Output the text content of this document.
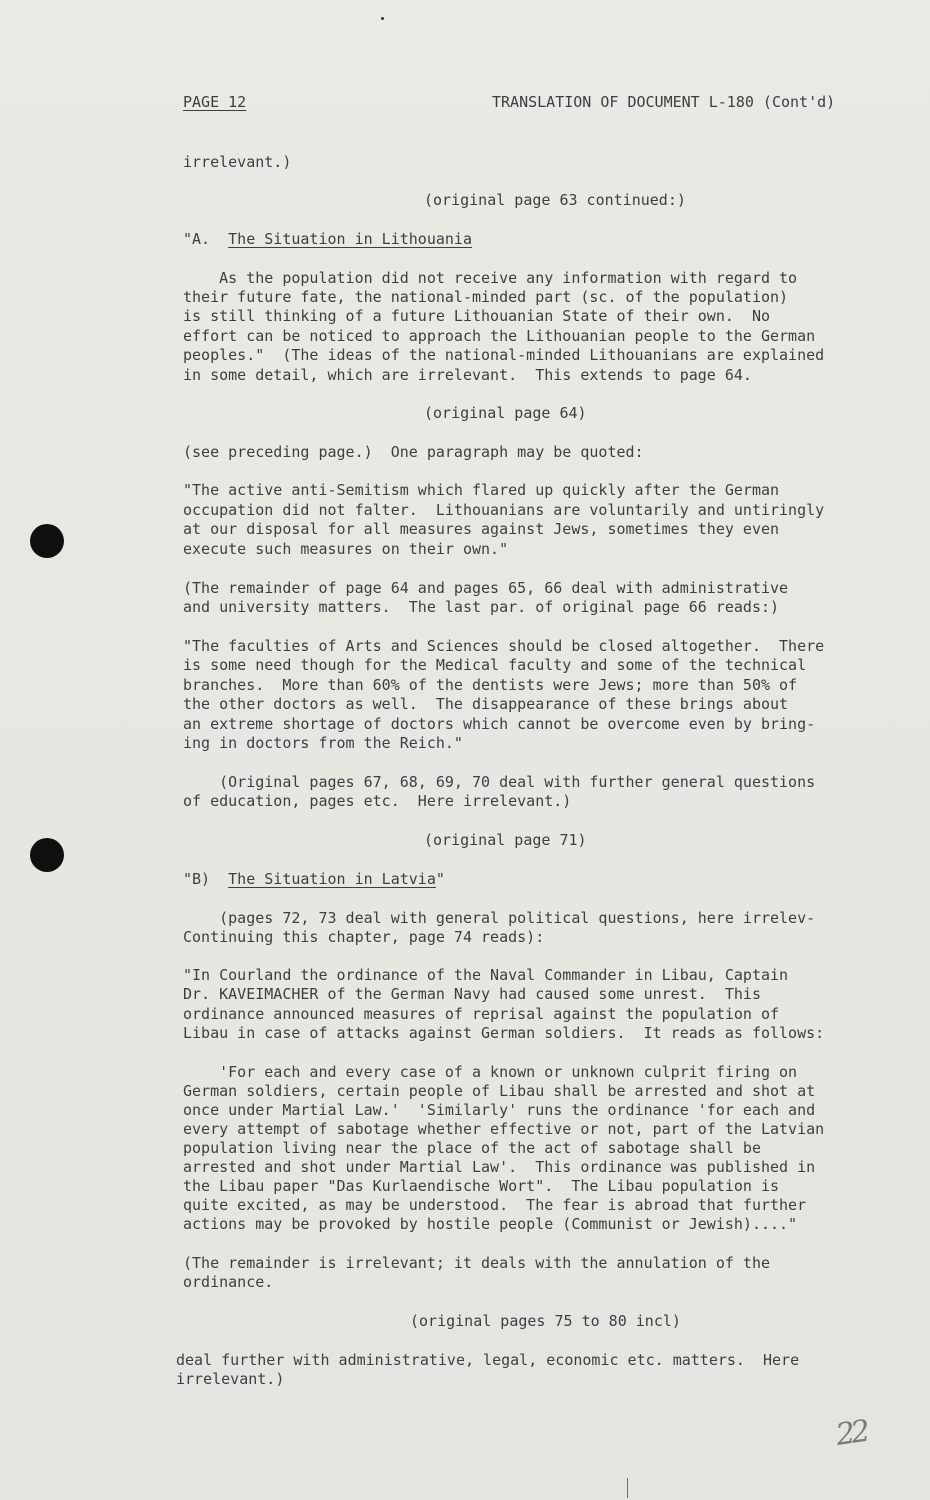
PAGE 12	TRANSLATION OF DOCUMENT L-180 (Cont'd)
irrelevant.)
(original page 63 continued:)
"A.  The Situation in Lithouania
As the population did not receive any information with regard to
their future fate, the national-minded part (sc. of the population)
is still thinking of a future Lithouanian State of their own.  No
effort can be noticed to approach the Lithouanian people to the German
peoples."  (The ideas of the national-minded Lithouanians are explained
in some detail, which are irrelevant.  This extends to page 64.
(original page 64)
(see preceding page.)  One paragraph may be quoted:
"The active anti-Semitism which flared up quickly after the German
occupation did not falter.  Lithouanians are voluntarily and untiringly
at our disposal for all measures against Jews, sometimes they even
execute such measures on their own."
(The remainder of page 64 and pages 65, 66 deal with administrative
and university matters.  The last par. of original page 66 reads:)
"The faculties of Arts and Sciences should be closed altogether.  There
is some need though for the Medical faculty and some of the technical
branches.  More than 60% of the dentists were Jews; more than 50% of
the other doctors as well.  The disappearance of these brings about
an extreme shortage of doctors which cannot be overcome even by bring-
ing in doctors from the Reich."
(Original pages 67, 68, 69, 70 deal with further general questions
of education, pages etc.  Here irrelevant.)
(original page 71)
"B)  The Situation in Latvia"
(pages 72, 73 deal with general political questions, here irrelev-
Continuing this chapter, page 74 reads):
"In Courland the ordinance of the Naval Commander in Libau, Captain
Dr. KAVEIMACHER of the German Navy had caused some unrest.  This
ordinance announced measures of reprisal against the population of
Libau in case of attacks against German soldiers.  It reads as follows:
'For each and every case of a known or unknown culprit firing on
German soldiers, certain people of Libau shall be arrested and shot at
once under Martial Law.'  'Similarly' runs the ordinance 'for each and
every attempt of sabotage whether effective or not, part of the Latvian
population living near the place of the act of sabotage shall be
arrested and shot under Martial Law'.  This ordinance was published in
the Libau paper "Das Kurlaendische Wort".  The Libau population is
quite excited, as may be understood.  The fear is abroad that further
actions may be provoked by hostile people (Communist or Jewish)...."
(The remainder is irrelevant; it deals with the annulation of the
ordinance.
(original pages 75 to 80 incl)
deal further with administrative, legal, economic etc. matters.  Here
irrelevant.)
22
